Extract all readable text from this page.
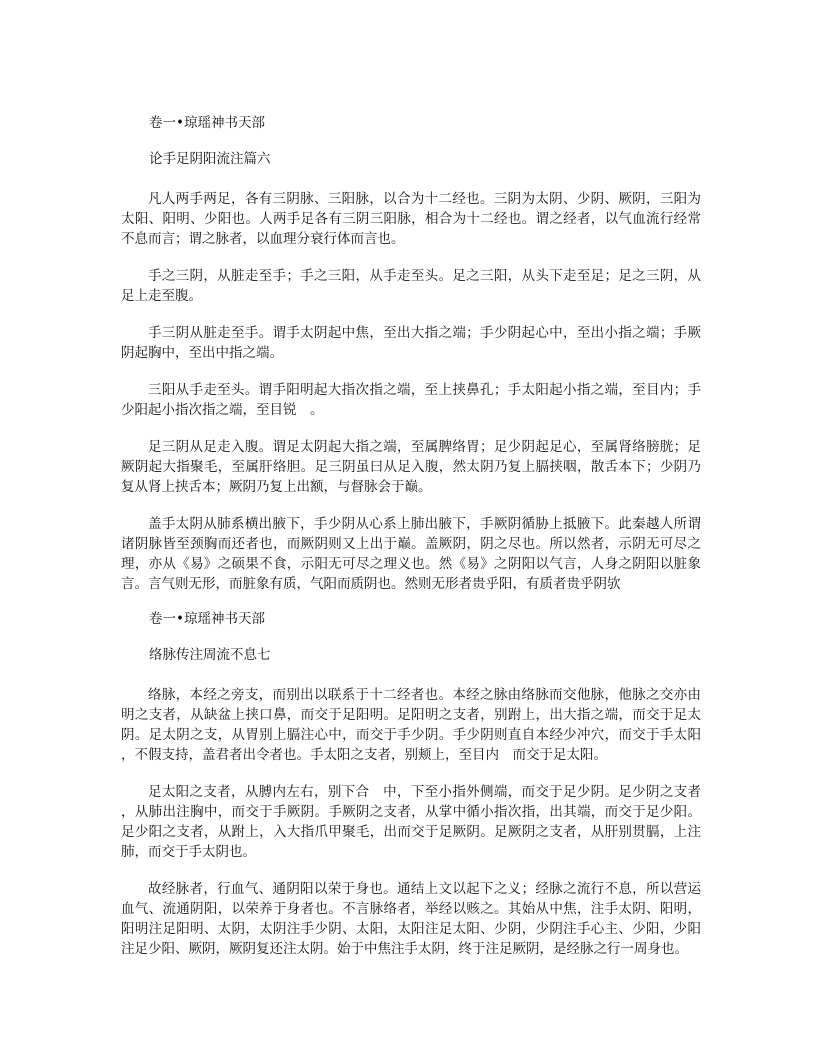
卷一•琼瑶神书天部
论手足阴阳流注篇六

凡人两手两足，各有三阴脉、三阳脉，以合为十二经也。三阴为太阴、少阴、厥阴，三阳为太阳、阳明、少阳也。人两手足各有三阴三阳脉，相合为十二经也。谓之经者，以气血流行经常不息而言；谓之脉者，以血理分衰行体而言也。

手之三阴，从脏走至手；手之三阳，从手走至头。足之三阳，从头下走至足；足之三阴，从足上走至腹。

手三阴从脏走至手。谓手太阴起中焦，至出大指之端；手少阴起心中，至出小指之端；手厥阴起胸中，至出中指之端。

三阳从手走至头。谓手阳明起大指次指之端，至上挟鼻孔；手太阳起小指之端，至目内；手少阳起小指次指之端，至目锐　。

足三阴从足走入腹。谓足太阴起大指之端，至属脾络胃；足少阴起足心，至属肾络膀胱；足厥阴起大指聚毛，至属肝络胆。足三阴虽曰从足入腹，然太阴乃复上膈挟咽，散舌本下；少阴乃复从肾上挟舌本；厥阴乃复上出额，与督脉会于巅。

盖手太阴从肺系横出腋下，手少阴从心系上肺出腋下，手厥阴循胁上抵腋下。此秦越人所谓诸阴脉皆至颈胸而还者也，而厥阴则又上出于巅。盖厥阴，阴之尽也。所以然者，示阴无可尽之理，亦从《易》之硕果不食，示阳无可尽之理义也。然《易》之阴阳以气言，人身之阴阳以脏象言。言气则无形，而脏象有质，气阳而质阴也。然则无形者贵乎阳，有质者贵乎阴欤

卷一•琼瑶神书天部
络脉传注周流不息七

络脉，本经之旁支，而别出以联系于十二经者也。本经之脉由络脉而交他脉，他脉之交亦由明之支者，从缺盆上挟口鼻，而交于足阳明。足阳明之支者，别跗上，出大指之端，而交于足太阴。足太阴之支，从胃别上膈注心中，而交于手少阴。手少阴则直自本经少冲穴，而交于手太阳，不假支持，盖君者出令者也。手太阳之支者，别颊上，至目内　而交于足太阳。

足太阳之支者，从膊内左右，别下合　中，下至小指外侧端，而交于足少阴。足少阴之支者，从肺出注胸中，而交于手厥阴。手厥阴之支者，从掌中循小指次指，出其端，而交于足少阳。足少阳之支者，从跗上，入大指爪甲聚毛，出而交于足厥阴。足厥阴之支者，从肝别贯膈，上注肺，而交于手太阴也。

故经脉者，行血气、通阴阳以荣于身也。通结上文以起下之义；经脉之流行不息，所以营运血气、流通阴阳，以荣养于身者也。不言脉络者，举经以赅之。其始从中焦，注手太阴、阳明，阳明注足阳明、太阴，太阴注手少阴、太阳，太阳注足太阳、少阴，少阴注手心主、少阳，少阳注足少阳、厥阴，厥阴复还注太阴。始于中焦注手太阴，终于注足厥阴，是经脉之行一周身也。
